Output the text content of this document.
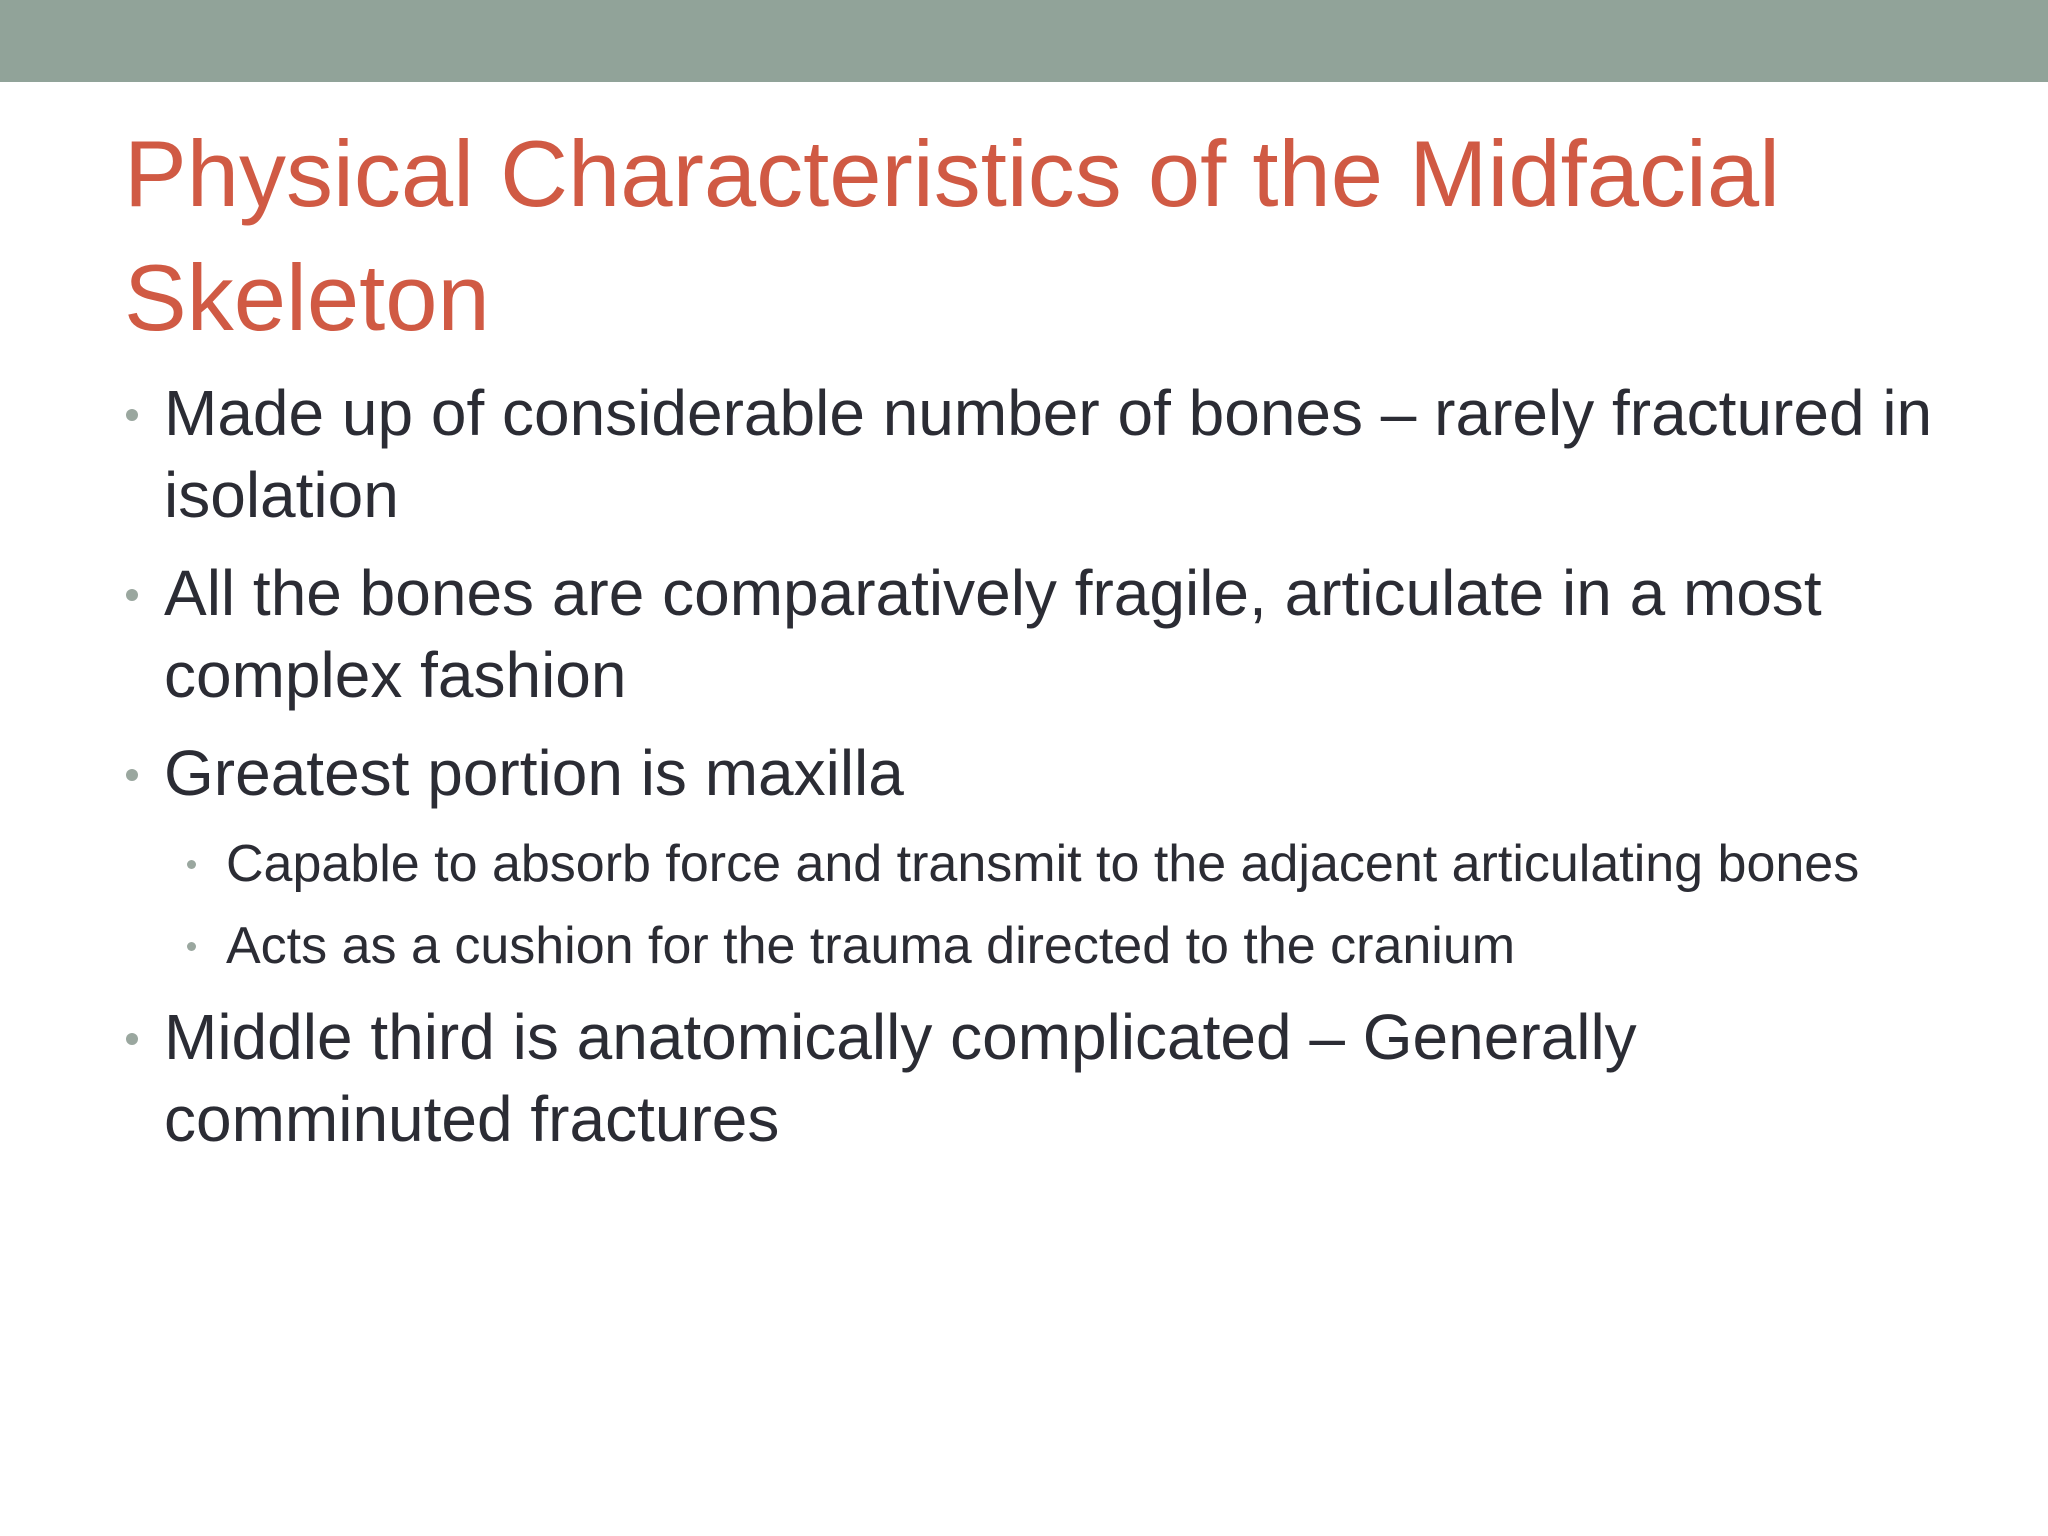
Physical Characteristics of the Midfacial Skeleton
Made up of considerable number of bones – rarely fractured in isolation
All the bones are comparatively fragile, articulate in a most complex fashion
Greatest portion is maxilla
Capable to absorb force and transmit to the adjacent articulating bones
Acts as a cushion for the trauma directed to the cranium
Middle third is anatomically complicated – Generally comminuted fractures
